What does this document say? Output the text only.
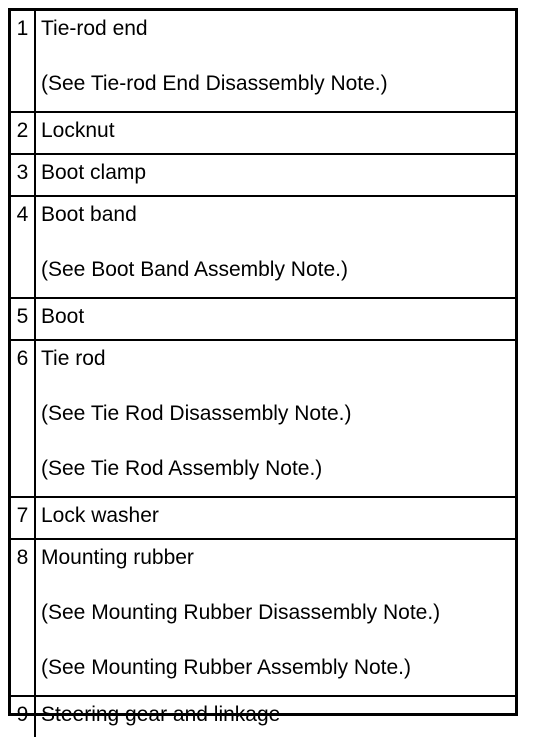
1 Tie-rod end
(See Tie-rod End Disassembly Note.)
2 Locknut
3 Boot clamp
4 Boot band
(See Boot Band Assembly Note.)
5 Boot
6 Tie rod
(See Tie Rod Disassembly Note.)
(See Tie Rod Assembly Note.)
7 Lock washer
8 Mounting rubber
(See Mounting Rubber Disassembly Note.)
(See Mounting Rubber Assembly Note.)
9 Steering gear and linkage
